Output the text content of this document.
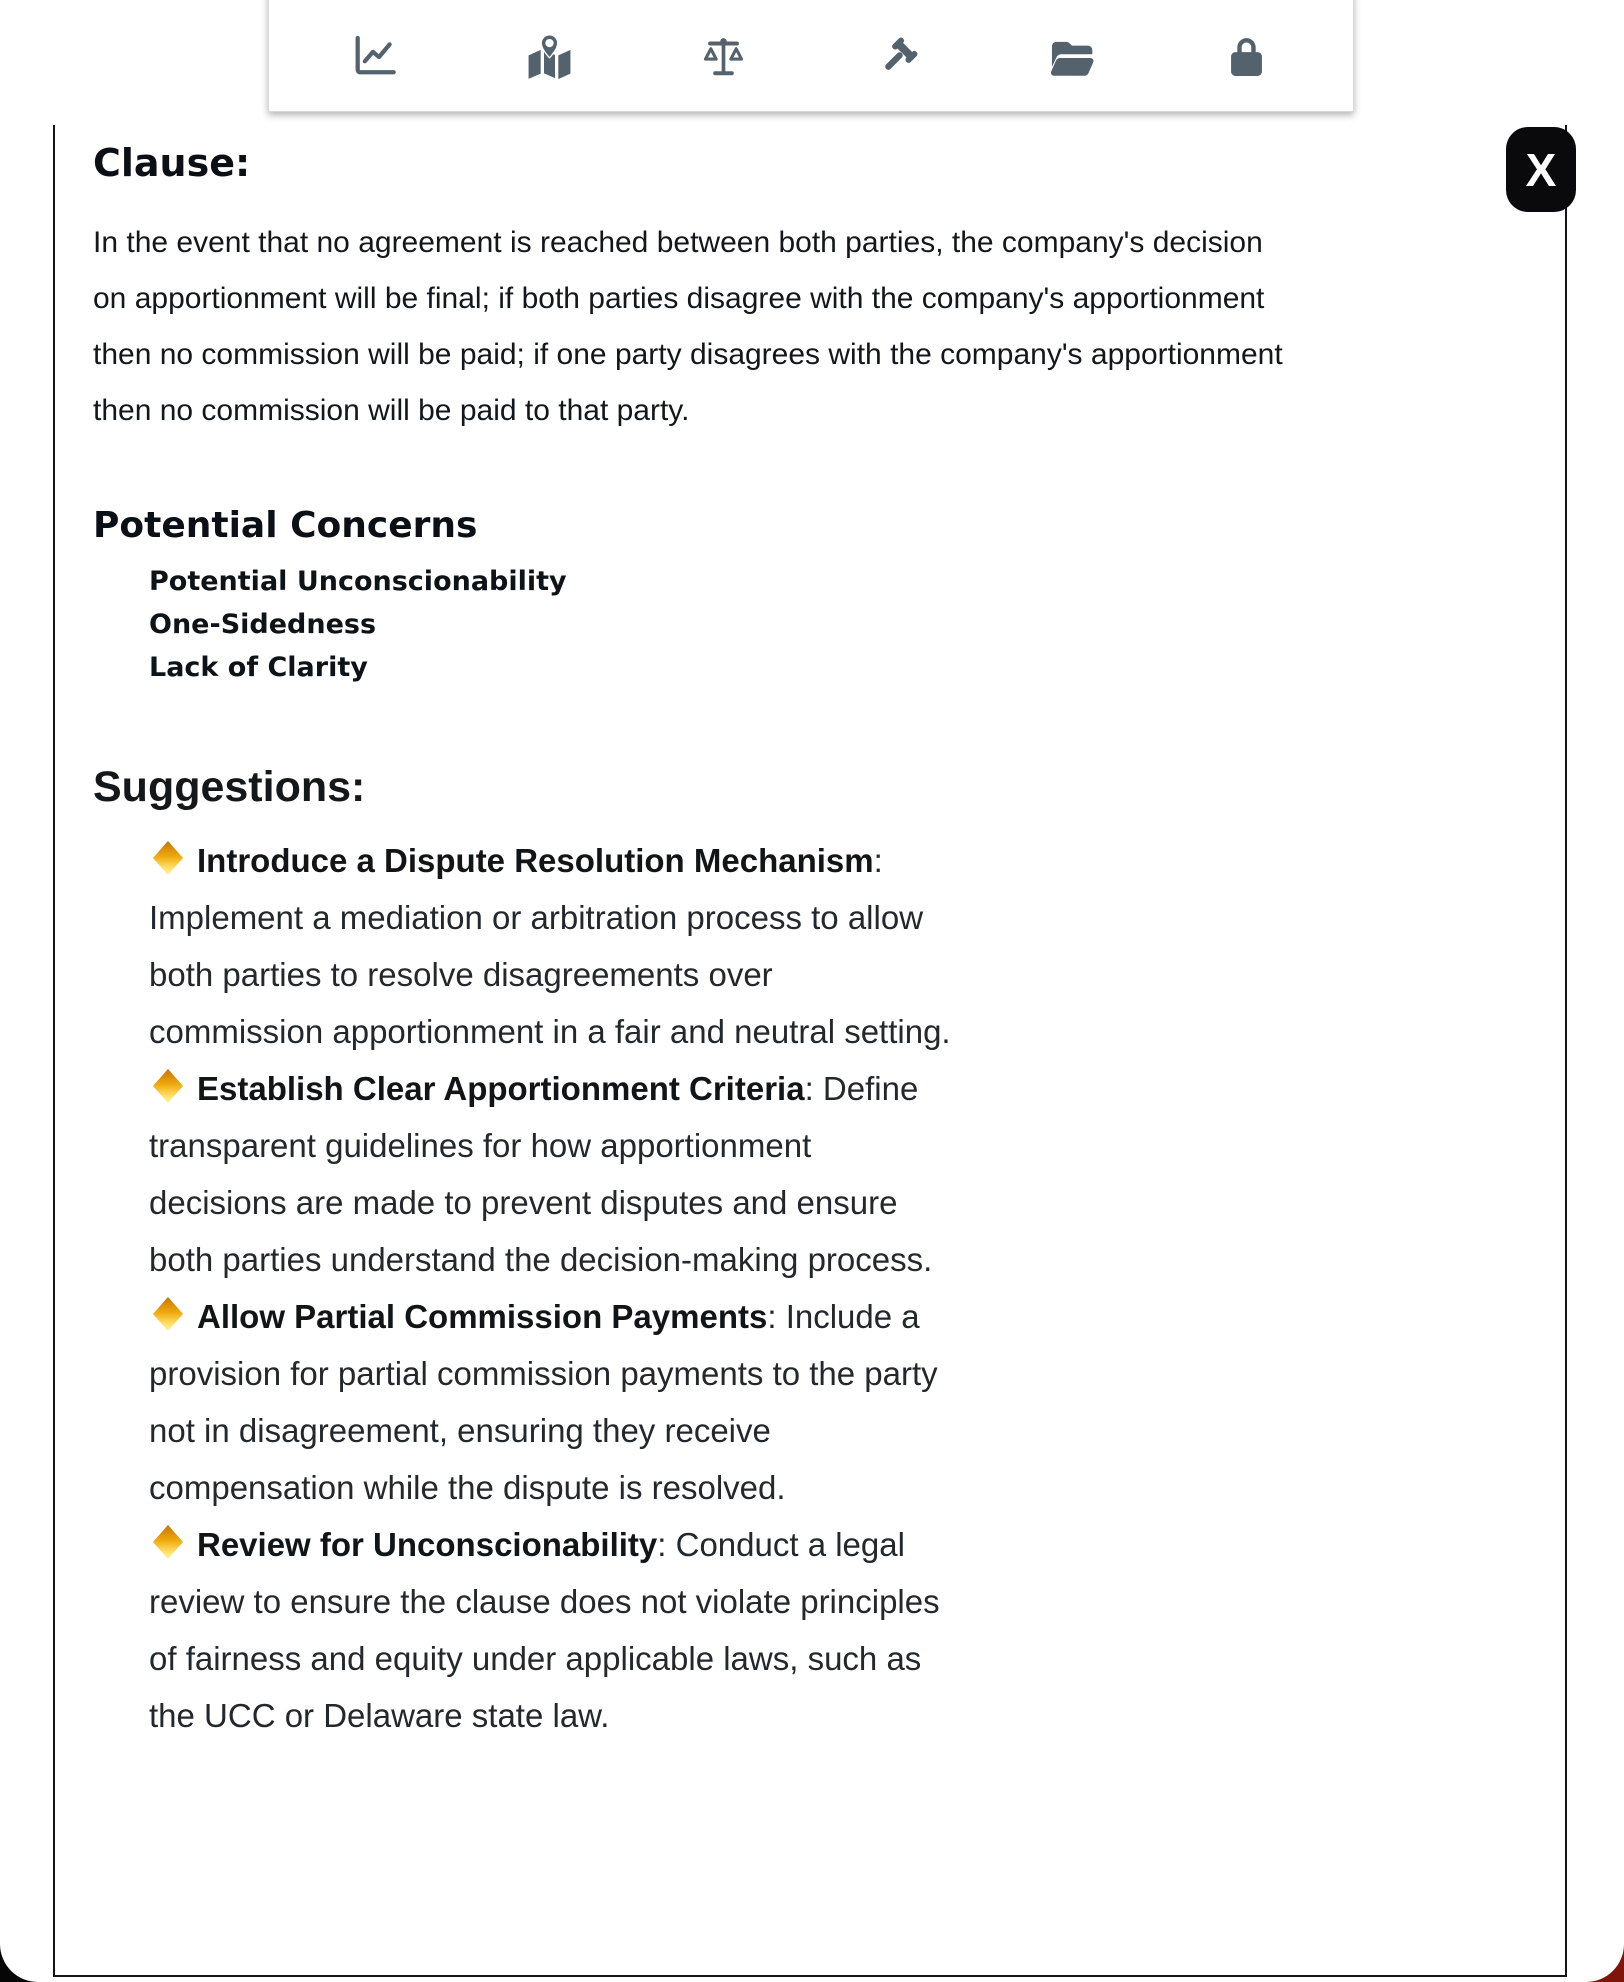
X
Clause:

In the event that no agreement is reached between both parties, the company's decision on apportionment will be final; if both parties disagree with the company's apportionment then no commission will be paid; if one party disagrees with the company's apportionment then no commission will be paid to that party.

Potential Concerns
Potential Unconscionability
One-Sidedness
Lack of Clarity
Suggestions:
Introduce a Dispute Resolution Mechanism: Implement a mediation or arbitration process to allow both parties to resolve disagreements over commission apportionment in a fair and neutral setting.
Establish Clear Apportionment Criteria: Define transparent guidelines for how apportionment decisions are made to prevent disputes and ensure both parties understand the decision-making process.
Allow Partial Commission Payments: Include a provision for partial commission payments to the party not in disagreement, ensuring they receive compensation while the dispute is resolved.
Review for Unconscionability: Conduct a legal review to ensure the clause does not violate principles of fairness and equity under applicable laws, such as the UCC or Delaware state law.
